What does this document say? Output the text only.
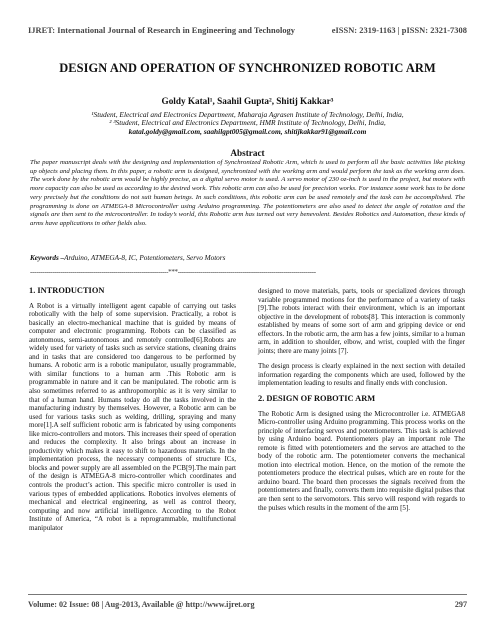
IJRET: International Journal of Research in Engineering and Technology	eISSN: 2319-1163 | pISSN: 2321-7308
DESIGN AND OPERATION OF SYNCHRONIZED ROBOTIC ARM
Goldy Katal¹, Saahil Gupta², Shitij Kakkar³
¹Student, Electrical and Electronics Department, Maharaja Agrasen Institute of Technology, Delhi, India,
² ³Student, Electrical and Electronics Department, HMR Institute of Technology, Delhi, India,
katal.goldy@gmail.com, saahilgpt005@gmail.com, shitijkakkar91@gmail.com
Abstract
The paper manuscript deals with the designing and implementation of Synchronized Robotic Arm, which is used to perform all the basic activities like picking up objects and placing them. In this paper, a robotic arm is designed, synchronized with the working arm and would perform the task as the working arm does. The work done by the robotic arm would be highly precise, as a digital servo motor is used. A servo motor of 230 oz-inch is used in the project, but motors with more capacity can also be used as according to the desired work. This robotic arm can also be used for precision works. For instance some work has to be done very precisely but the conditions do not suit human beings. In such conditions, this robotic arm can be used remotely and the task can be accomplished. The programming is done on ATMEGA-8 Microcontroller using Arduino programming. The potentiometers are also used to detect the angle of rotation and the signals are then sent to the microcontroller. In today’s world, this Robotic arm has turned out very benevolent. Besides Robotics and Automation, these kinds of arms have applications in other fields also.
Keywords –Arduino, ATMEGA-8, IC, Potentiometers, Servo Motors
--------------------------------------------------------------------***--------------------------------------------------------------------
1. INTRODUCTION
A Robot is a virtually intelligent agent capable of carrying out tasks robotically with the help of some supervision. Practically, a robot is basically an electro-mechanical machine that is guided by means of computer and electronic programming. Robots can be classified as autonomous, semi-autonomous and remotely controlled[6].Robots are widely used for variety of tasks such as service stations, cleaning drains and in tasks that are considered too dangerous to be performed by humans. A robotic arm is a robotic manipulator, usually programmable, with similar functions to a human arm .This Robotic arm is programmable in nature and it can be manipulated. The robotic arm is also sometimes referred to as anthropomorphic as it is very similar to that of a human hand. Humans today do all the tasks involved in the manufacturing industry by themselves. However, a Robotic arm can be used for various tasks such as welding, drilling, spraying and many more[1].A self sufficient robotic arm is fabricated by using components like micro-controllers and motors. This increases their speed of operation and reduces the complexity. It also brings about an increase in productivity which makes it easy to shift to hazardous materials. In the implementation process, the necessary components of structure ICs, blocks and power supply are all assembled on the PCB[9].The main part of the design is ATMEGA-8 micro-controller which coordinates and controls the product’s action. This specific micro controller is used in various types of embedded applications. Robotics involves elements of mechanical and electrical engineering, as well as control theory, computing and now artificial intelligence. According to the Robot Institute of America, “A robot is a reprogrammable, multifunctional manipulator
designed to move materials, parts, tools or specialized devices through variable programmed motions for the performance of a variety of tasks [9].The robots interact with their environment, which is an important objective in the development of robots[8]. This interaction is commonly established by means of some sort of arm and gripping device or end effectors. In the robotic arm, the arm has a few joints, similar to a human arm, in addition to shoulder, elbow, and wrist, coupled with the finger joints; there are many joints [7].
The design process is clearly explained in the next section with detailed information regarding the components which are used, followed by the implementation leading to results and finally ends with conclusion.
2. DESIGN OF ROBOTIC ARM
The Robotic Arm is designed using the Microcontroller i.e. ATMEGA8 Micro-controller using Arduino programming. This process works on the principle of interfacing servos and potentiometers. This task is achieved by using Arduino board. Potentiometers play an important role The remote is fitted with potentiometers and the servos are attached to the body of the robotic arm. The potentiometer converts the mechanical motion into electrical motion. Hence, on the motion of the remote the potentiometers produce the electrical pulses, which are en route for the arduino board. The board then processes the signals received from the potentiometers and finally, converts them into requisite digital pulses that are then sent to the servomotors. This servo will respond with regards to the pulses which results in the moment of the arm [5].
Volume: 02 Issue: 08 | Aug-2013, Available @ http://www.ijret.org	297
